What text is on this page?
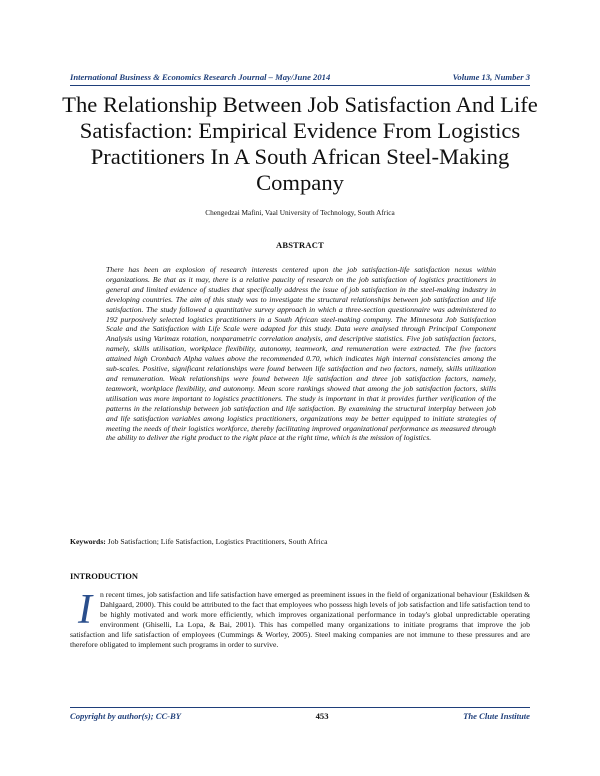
International Business & Economics Research Journal – May/June 2014	Volume 13, Number 3
The Relationship Between Job Satisfaction And Life Satisfaction: Empirical Evidence From Logistics Practitioners In A South African Steel-Making Company
Chengedzai Mafini, Vaal University of Technology, South Africa
ABSTRACT

There has been an explosion of research interests centered upon the job satisfaction-life satisfaction nexus within organizations. Be that as it may, there is a relative paucity of research on the job satisfaction of logistics practitioners in general and limited evidence of studies that specifically address the issue of job satisfaction in the steel-making industry in developing countries. The aim of this study was to investigate the structural relationships between job satisfaction and life satisfaction. The study followed a quantitative survey approach in which a three-section questionnaire was administered to 192 purposively selected logistics practitioners in a South African steel-making company. The Minnesota Job Satisfaction Scale and the Satisfaction with Life Scale were adapted for this study. Data were analysed through Principal Component Analysis using Varimax rotation, nonparametric correlation analysis, and descriptive statistics. Five job satisfaction factors, namely, skills utilisation, workplace flexibility, autonomy, teamwork, and remuneration were extracted. The five factors attained high Cronbach Alpha values above the recommended 0.70, which indicates high internal consistencies among the sub-scales. Positive, significant relationships were found between life satisfaction and two factors, namely, skills utilization and remuneration. Weak relationships were found between life satisfaction and three job satisfaction factors, namely, teamwork, workplace flexibility, and autonomy. Mean score rankings showed that among the job satisfaction factors, skills utilisation was more important to logistics practitioners. The study is important in that it provides further verification of the patterns in the relationship between job satisfaction and life satisfaction. By examining the structural interplay between job and life satisfaction variables among logistics practitioners, organizations may be better equipped to initiate strategies of meeting the needs of their logistics workforce, thereby facilitating improved organizational performance as measured through the ability to deliver the right product to the right place at the right time, which is the mission of logistics.

Keywords: Job Satisfaction; Life Satisfaction, Logistics Practitioners, South Africa
INTRODUCTION

I n recent times, job satisfaction and life satisfaction have emerged as preeminent issues in the field of organizational behaviour (Eskildsen & Dahlgaard, 2000). This could be attributed to the fact that employees who possess high levels of job satisfaction and life satisfaction tend to be highly motivated and work more efficiently, which improves organizational performance in today's global unpredictable operating environment (Ghiselli, La Lopa, & Bai, 2001). This has compelled many organizations to initiate programs that improve the job satisfaction and life satisfaction of employees (Cummings & Worley, 2005). Steel making companies are not immune to these pressures and are therefore obligated to implement such programs in order to survive.

Copyright by author(s); CC-BY	453	The Clute Institute
